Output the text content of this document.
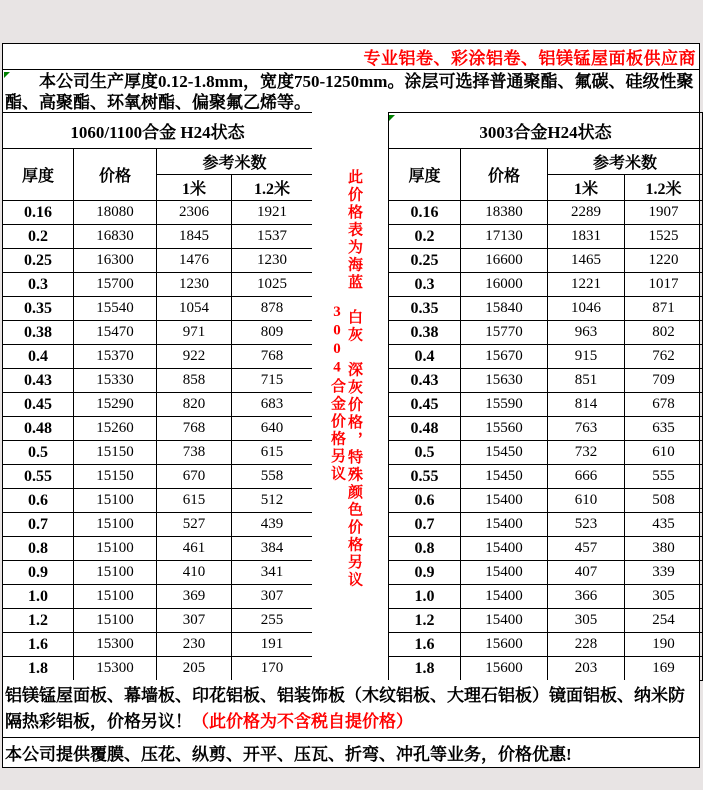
专业铝卷、彩涂铝卷、铝镁锰屋面板供应商
本公司生产厚度0.12-1.8mm，宽度750-1250mm。涂层可选择普通聚酯、氟碳、硅级性聚酯、高聚酯、环氧树酯、偏聚氟乙烯等。
1060/1100合金 H24状态			
厚度	价格	参考米数	
		1米	1.2米
0.16	18080	2306	1921
0.2	16830	1845	1537
0.25	16300	1476	1230
0.3	15700	1230	1025
0.35	15540	1054	878
0.38	15470	971	809
0.4	15370	922	768
0.43	15330	858	715
0.45	15290	820	683
0.48	15260	768	640
0.5	15150	738	615
0.55	15150	670	558
0.6	15100	615	512
0.7	15100	527	439
0.8	15100	461	384
0.9	15100	410	341
1.0	15100	369	307
1.2	15100	307	255
1.6	15300	230	191
1.8	15300	205	170
此价格表为海蓝　白灰　深灰价格，特殊颜色价格另议
3004合金价格另议
3003合金H24状态			
厚度	价格	参考米数	
		1米	1.2米
0.16	18380	2289	1907
0.2	17130	1831	1525
0.25	16600	1465	1220
0.3	16000	1221	1017
0.35	15840	1046	871
0.38	15770	963	802
0.4	15670	915	762
0.43	15630	851	709
0.45	15590	814	678
0.48	15560	763	635
0.5	15450	732	610
0.55	15450	666	555
0.6	15400	610	508
0.7	15400	523	435
0.8	15400	457	380
0.9	15400	407	339
1.0	15400	366	305
1.2	15400	305	254
1.6	15600	228	190
1.8	15600	203	169
铝镁锰屋面板、幕墙板、印花铝板、铝装饰板（木纹铝板、大理石铝板）镜面铝板、纳米防隔热彩铝板，价格另议！（此价格为不含税自提价格）
本公司提供覆膜、压花、纵剪、开平、压瓦、折弯、冲孔等业务，价格优惠!
